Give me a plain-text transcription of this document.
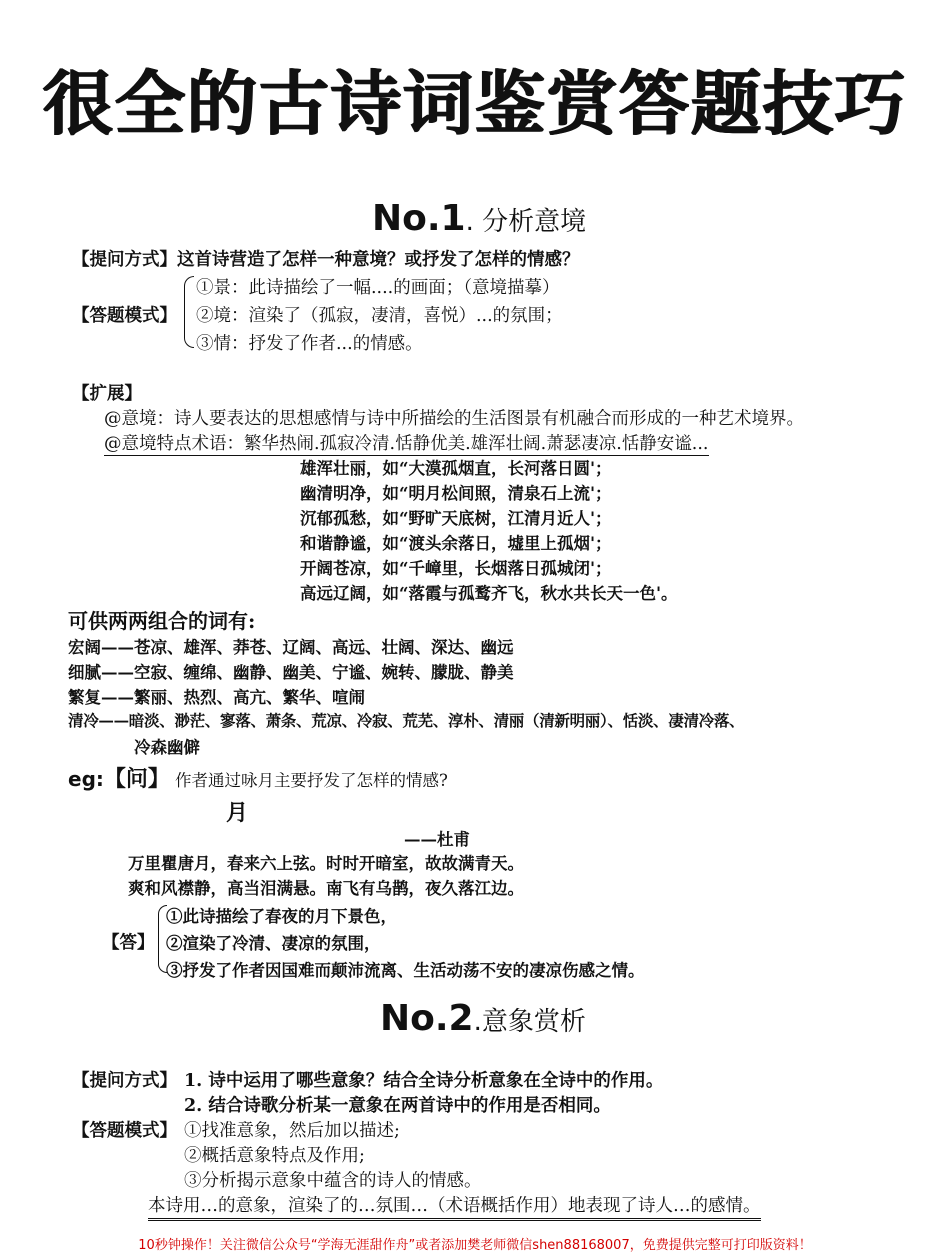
很全的古诗词鉴赏答题技巧
No.1. 分析意境
【提问方式】这首诗营造了怎样一种意境？或抒发了怎样的情感？
【答题模式】
①景：此诗描绘了一幅....的画面；（意境描摹）
②境：渲染了（孤寂，凄清，喜悦）...的氛围；
③情：抒发了作者...的情感。
【扩展】
@意境：诗人要表达的思想感情与诗中所描绘的生活图景有机融合而形成的一种艺术境界。
@意境特点术语：繁华热闹.孤寂冷清.恬静优美.雄浑壮阔.萧瑟凄凉.恬静安谧...
雄浑壮丽，如“大漠孤烟直，长河落日圆'；
幽清明净，如“明月松间照，清泉石上流'；
沉郁孤愁，如“野旷天底树，江清月近人'；
和谐静谧，如“渡头余落日，墟里上孤烟'；
开阔苍凉，如“千嶂里，长烟落日孤城闭'；
高远辽阔，如“落霞与孤鹜齐飞，秋水共长天一色'。
可供两两组合的词有:
宏阔——苍凉、雄浑、莽苍、辽阔、高远、壮阔、深达、幽远
细腻——空寂、缠绵、幽静、幽美、宁谧、婉转、朦胧、静美
繁复——繁丽、热烈、高亢、繁华、喧闹
清冷——暗淡、渺茫、寥落、萧条、荒凉、冷寂、荒芜、淳朴、清丽（清新明丽）、恬淡、凄清冷落、
冷森幽僻
eg:【问】 作者通过咏月主要抒发了怎样的情感?
月
——杜甫
万里瞿唐月，春来六上弦。时时开暗室，故故满青天。
爽和风襟静，高当泪满悬。南飞有乌鹊，夜久落江边。
【答】
①此诗描绘了春夜的月下景色，
②渲染了冷清、凄凉的氛围，
③抒发了作者因国难而颠沛流离、生活动荡不安的凄凉伤感之情。
No.2.意象赏析
【提问方式】 1. 诗中运用了哪些意象？结合全诗分析意象在全诗中的作用。
2. 结合诗歌分析某一意象在两首诗中的作用是否相同。
【答题模式】 ①找准意象，然后加以描述;
②概括意象特点及作用;
③分析揭示意象中蕴含的诗人的情感。
本诗用…的意象，渲染了的…氛围…（术语概括作用）地表现了诗人…的感情。
10秒钟操作！关注微信公众号“学海无涯甜作舟”或者添加樊老师微信shen88168007，免费提供完整可打印版资料！
